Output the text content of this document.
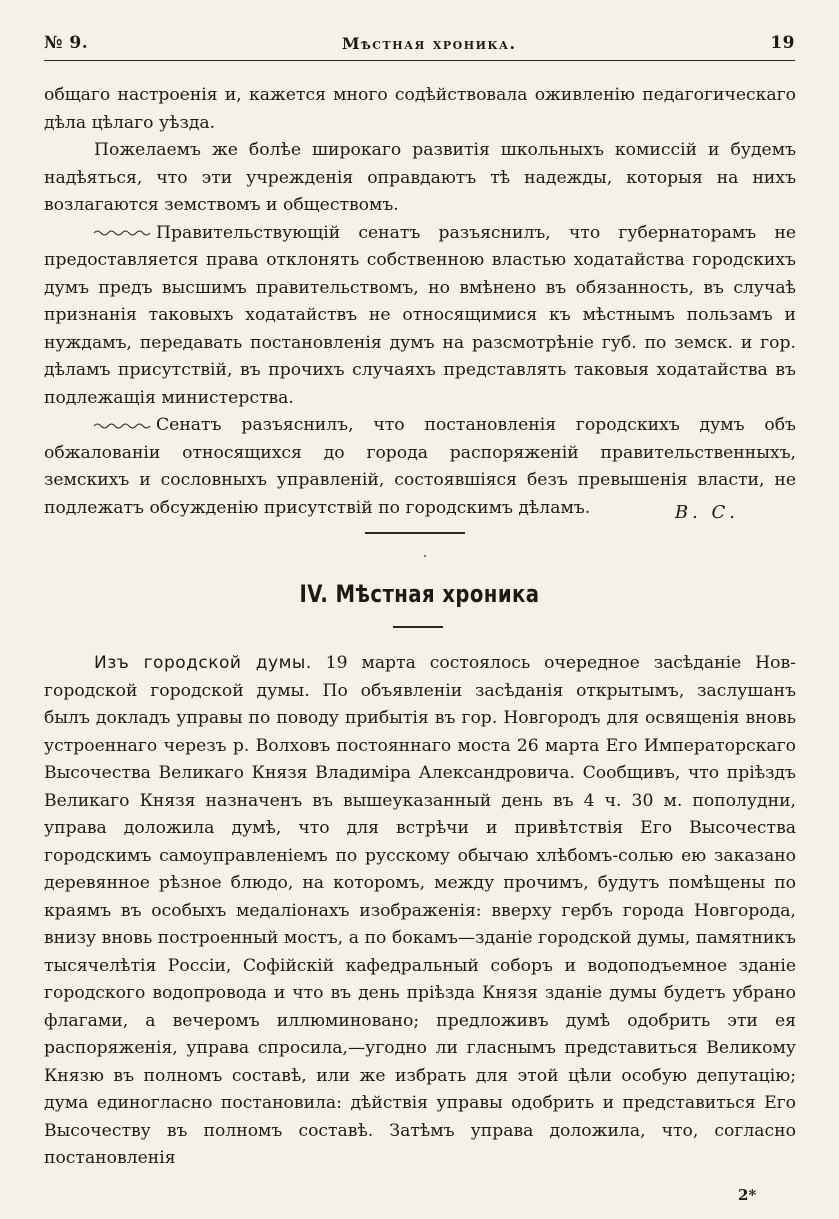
№ 9.	Мѣстная хроника.	19

общаго настроенія и, кажется много содѣйствовала оживленію педагогическаго дѣла цѣлаго уѣзда.

Пожелаемъ же болѣе широкаго развитія школьныхъ комиссій и будемъ надѣяться, что эти учрежденія оправдаютъ тѣ надежды, которыя на нихъ возлагаются земствомъ и обществомъ.

Правительствующій сенатъ разъяснилъ, что губернаторамъ не предоставляется права отклонять собственною властью ходатайства городскихъ думъ предъ высшимъ правительствомъ, но вмѣнено въ обязанность, въ случаѣ признанія таковыхъ ходатайствъ не относящимися къ мѣстнымъ пользамъ и нуждамъ, передавать постановленія думъ на разсмотрѣніе губ. по земск. и гор. дѣламъ присутствій, въ прочихъ случаяхъ представлять таковыя ходатайства въ подлежащія министерства.

Сенатъ разъяснилъ, что постановленія городскихъ думъ объ обжалованіи относящихся до города распоряженій правительственныхъ, земскихъ и сословныхъ управленій, состоявшіяся безъ превышенія власти, не подлежатъ обсужденію присутствій по городскимъ дѣламъ.	В. С.
IV. Мѣстная хроника

Изъ городской думы. 19 марта состоялось очередное засѣданіе Новгородской городской думы. По объявленіи засѣданія открытымъ, заслушанъ былъ докладъ управы по поводу прибытія въ гор. Новгородъ для освященія вновь устроеннаго черезъ р. Волховъ постояннаго моста 26 марта Его Императорскаго Высочества Великаго Князя Владиміра Александровича. Сообщивъ, что пріѣздъ Великаго Князя назначенъ въ вышеуказанный день въ 4 ч. 30 м. пополудни, управа доложила думѣ, что для встрѣчи и привѣтствія Его Высочества городскимъ самоуправленіемъ по русскому обычаю хлѣбомъ-солью ею заказано деревянное рѣзное блюдо, на которомъ, между прочимъ, будутъ помѣщены по краямъ въ особыхъ медаліонахъ изображенія: вверху гербъ города Новгорода, внизу вновь построенный мостъ, а по бокамъ—зданіе городской думы, памятникъ тысячелѣтія Россіи, Софійскій кафедральный соборъ и водоподъемное зданіе городского водопровода и что въ день пріѣзда Князя зданіе думы будетъ убрано флагами, а вечеромъ иллюминовано; предложивъ думѣ одобрить эти ея распоряженія, управа спросила,—угодно ли гласнымъ представиться Великому Князю въ полномъ составѣ, или же избрать для этой цѣли особую депутацію; дума единогласно постановила: дѣйствія управы одобрить и представиться Его Высочеству въ полномъ составѣ. Затѣмъ управа доложила, что, согласно постановленія

2*
